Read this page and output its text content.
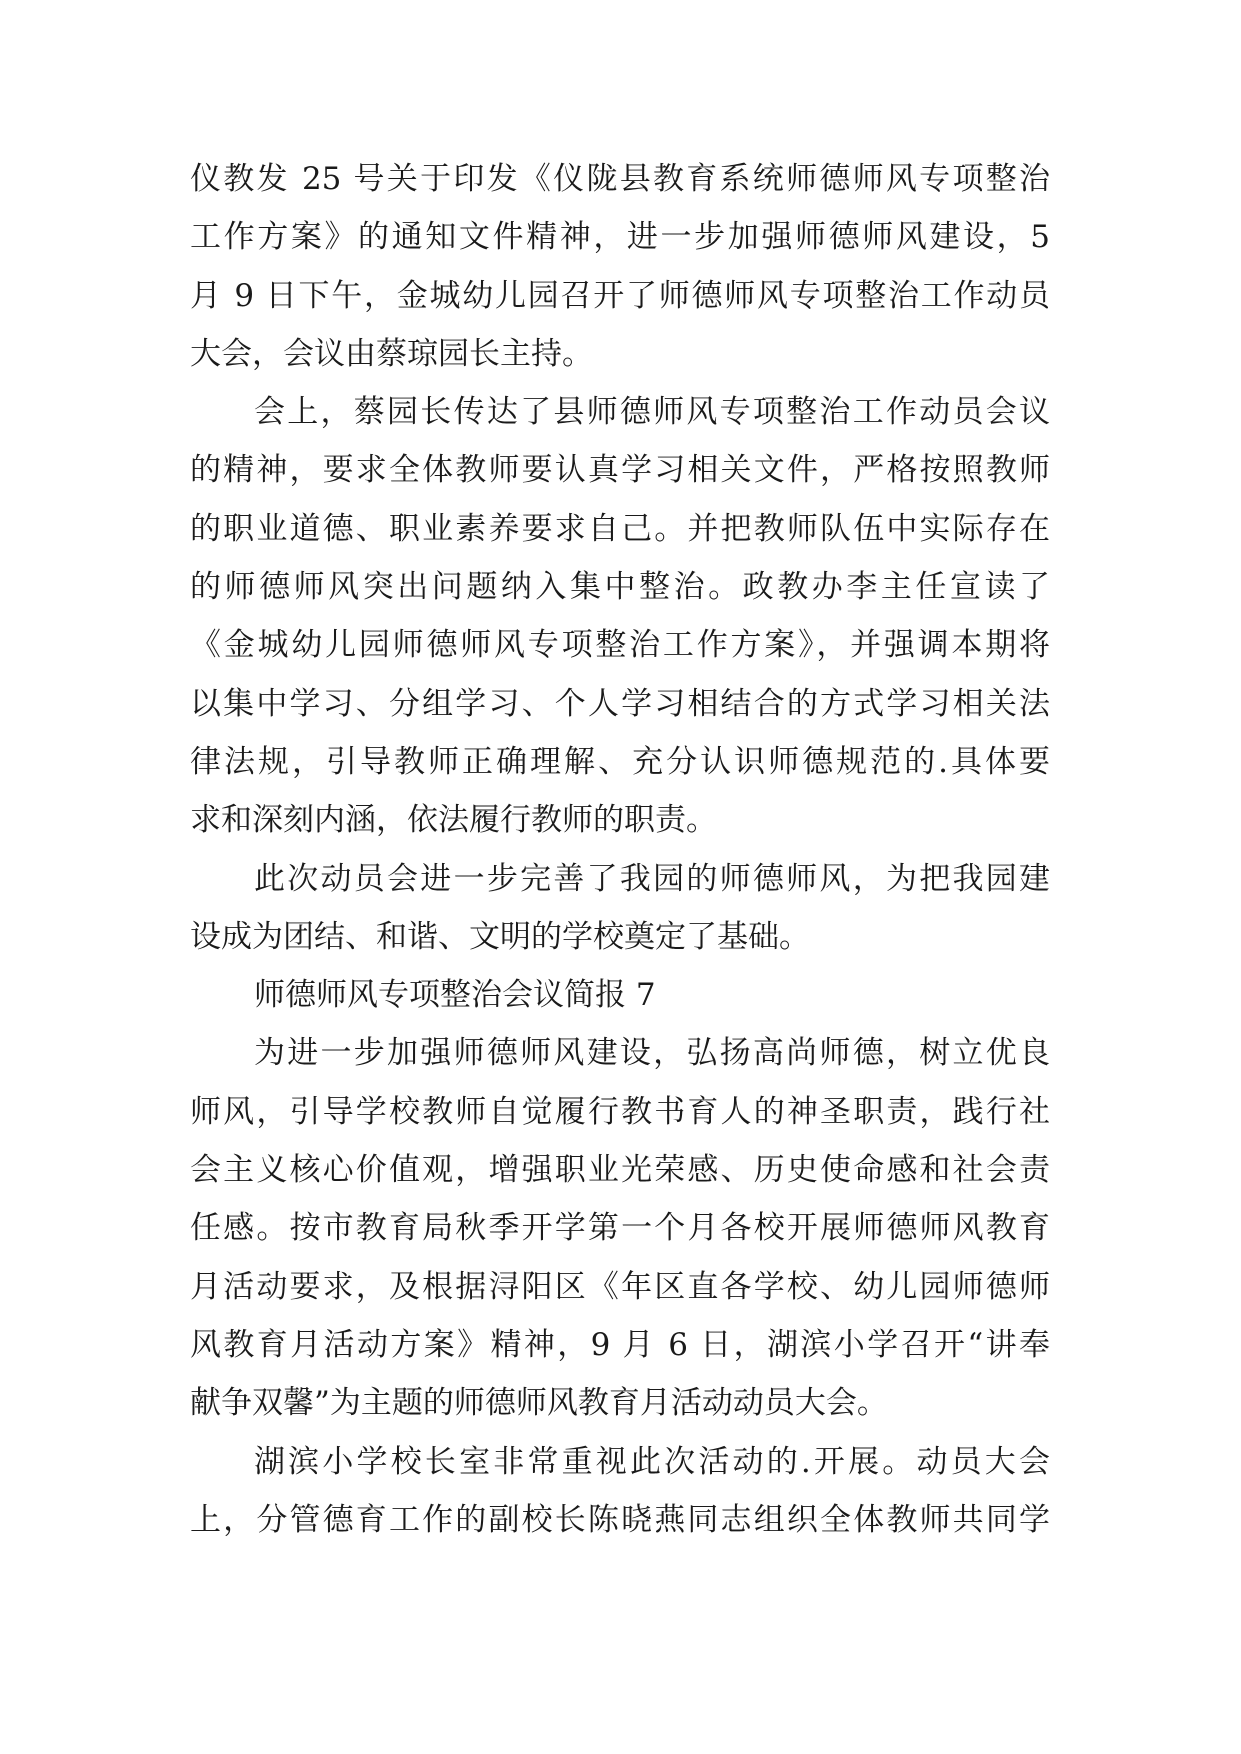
仪教发 25 号关于印发《仪陇县教育系统师德师风专项整治
工作方案》的通知文件精神，进一步加强师德师风建设，5
月 9 日下午，金城幼儿园召开了师德师风专项整治工作动员
大会，会议由蔡琼园长主持。
会上，蔡园长传达了县师德师风专项整治工作动员会议
的精神，要求全体教师要认真学习相关文件，严格按照教师
的职业道德、职业素养要求自己。并把教师队伍中实际存在
的师德师风突出问题纳入集中整治。政教办李主任宣读了
《金城幼儿园师德师风专项整治工作方案》，并强调本期将
以集中学习、分组学习、个人学习相结合的方式学习相关法
律法规，引导教师正确理解、充分认识师德规范的.具体要
求和深刻内涵，依法履行教师的职责。
此次动员会进一步完善了我园的师德师风，为把我园建
设成为团结、和谐、文明的学校奠定了基础。
师德师风专项整治会议简报 7
为进一步加强师德师风建设，弘扬高尚师德，树立优良
师风，引导学校教师自觉履行教书育人的神圣职责，践行社
会主义核心价值观，增强职业光荣感、历史使命感和社会责
任感。按市教育局秋季开学第一个月各校开展师德师风教育
月活动要求，及根据浔阳区《年区直各学校、幼儿园师德师
风教育月活动方案》精神，9 月 6 日，湖滨小学召开“讲奉
献争双馨”为主题的师德师风教育月活动动员大会。
湖滨小学校长室非常重视此次活动的.开展。动员大会
上，分管德育工作的副校长陈晓燕同志组织全体教师共同学
